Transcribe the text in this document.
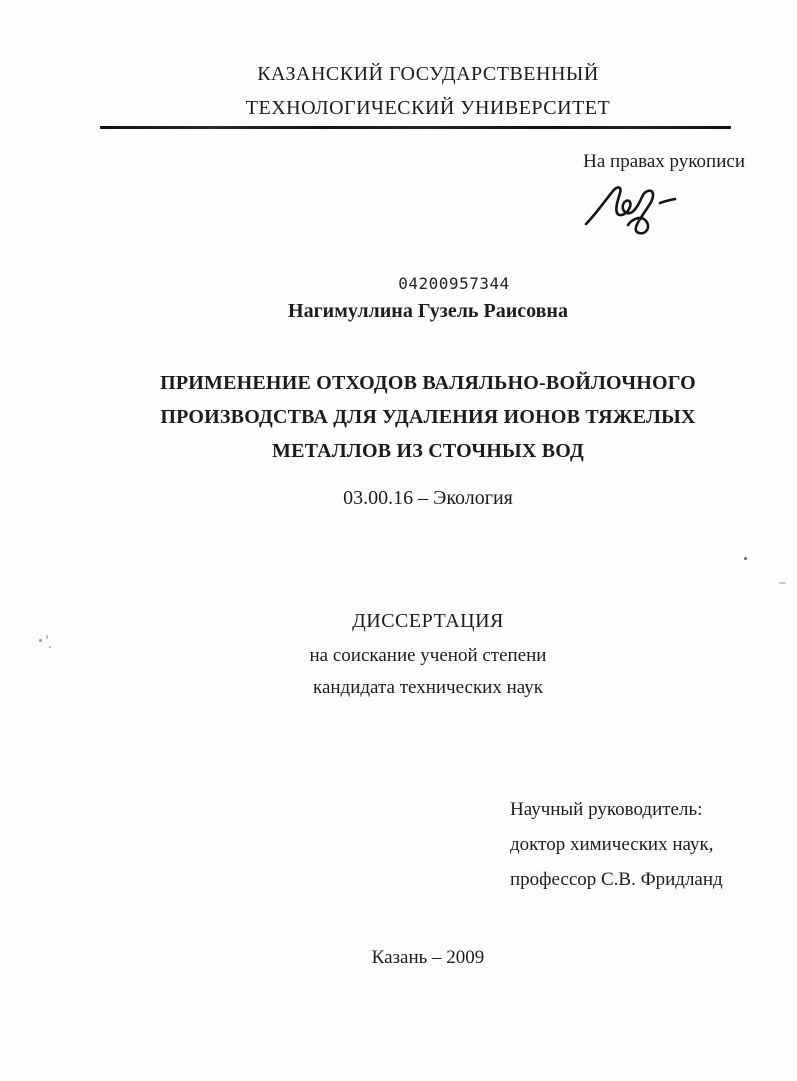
КАЗАНСКИЙ ГОСУДАРСТВЕННЫЙ
ТЕХНОЛОГИЧЕСКИЙ УНИВЕРСИТЕТ
На правах рукописи
04200957344
Нагимуллина Гузель Раисовна
ПРИМЕНЕНИЕ ОТХОДОВ ВАЛЯЛЬНО-ВОЙЛОЧНОГО
ПРОИЗВОДСТВА ДЛЯ УДАЛЕНИЯ ИОНОВ ТЯЖЕЛЫХ
МЕТАЛЛОВ ИЗ СТОЧНЫХ ВОД
03.00.16 – Экология
ДИССЕРТАЦИЯ
на соискание ученой степени
кандидата технических наук
Научный руководитель:
доктор химических наук,
профессор С.В. Фридланд
Казань – 2009
